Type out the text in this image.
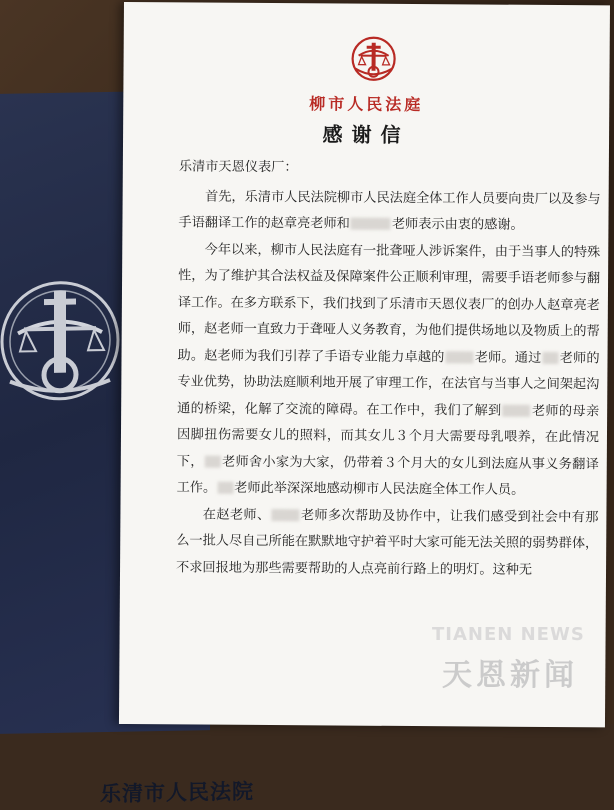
乐清市人民法院
柳市人民法庭
感谢信

乐清市天恩仪表厂：

首先，乐清市人民法院柳市人民法庭全体工作人员要向贵厂以及参与手语翻译工作的赵章亮老师和	老师表示由衷的感谢。

今年以来，柳市人民法庭有一批聋哑人涉诉案件，由于当事人的特殊性，为了维护其合法权益及保障案件公正顺利审理，需要手语老师参与翻译工作。在多方联系下，我们找到了乐清市天恩仪表厂的创办人赵章亮老师，赵老师一直致力于聋哑人义务教育，为他们提供场地以及物质上的帮助。赵老师为我们引荐了手语专业能力卓越的 老师。通过 老师的专业优势，协助法庭顺利地开展了审理工作，在法官与当事人之间架起沟通的桥梁，化解了交流的障碍。在工作中，我们了解到 老师的母亲因脚扭伤需要女儿的照料，而其女儿３个月大需要母乳喂养，在此情况下， 老师舍小家为大家，仍带着３个月大的女儿到法庭从事义务翻译工作。 老师此举深深地感动柳市人民法庭全体工作人员。

在赵老师、 老师多次帮助及协作中，让我们感受到社会中有那么一批人尽自己所能在默默地守护着平时大家可能无法关照的弱势群体，不求回报地为那些需要帮助的人点亮前行路上的明灯。这种无

TIANEN NEWS
天恩新闻
